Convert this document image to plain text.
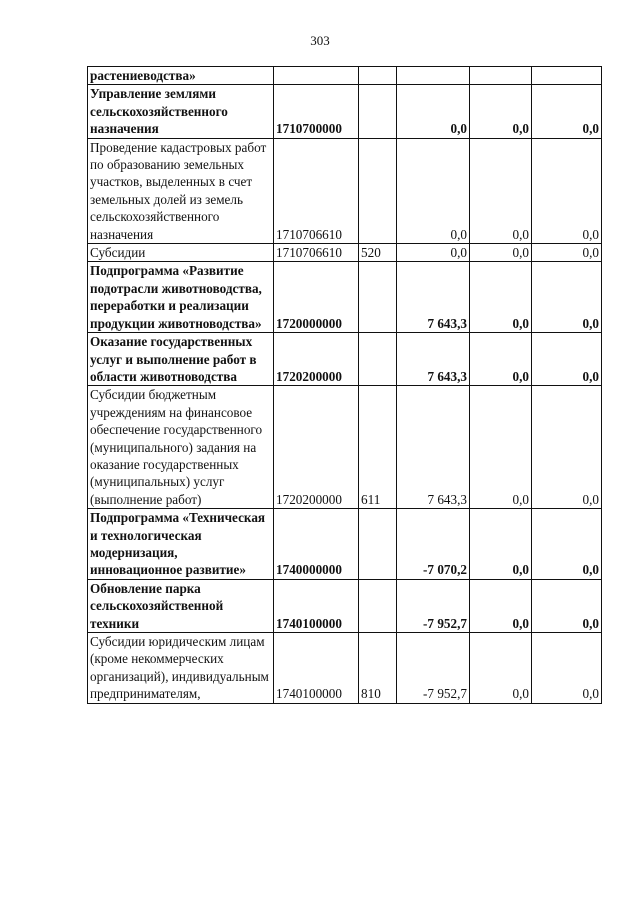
303
растениеводства»					
Управление землями сельскохозяйственного назначения	1710700000		0,0	0,0	0,0
Проведение кадастровых работ по образованию земельных участков, выделенных в счет земельных долей из земель сельскохозяйственного назначения	1710706610		0,0	0,0	0,0
Субсидии	1710706610	520	0,0	0,0	0,0
Подпрограмма «Развитие подотрасли животноводства, переработки и реализации продукции животноводства»	1720000000		7 643,3	0,0	0,0
Оказание государственных услуг и выполнение работ в области животноводства	1720200000		7 643,3	0,0	0,0
Субсидии бюджетным учреждениям на финансовое обеспечение государственного (муниципального) задания на оказание государственных (муниципальных) услуг (выполнение работ)	1720200000	611	7 643,3	0,0	0,0
Подпрограмма «Техническая и технологическая модернизация, инновационное развитие»	1740000000		-7 070,2	0,0	0,0
Обновление парка сельскохозяйственной техники	1740100000		-7 952,7	0,0	0,0
Субсидии юридическим лицам (кроме некоммерческих организаций), индивидуальным предпринимателям,	1740100000	810	-7 952,7	0,0	0,0
